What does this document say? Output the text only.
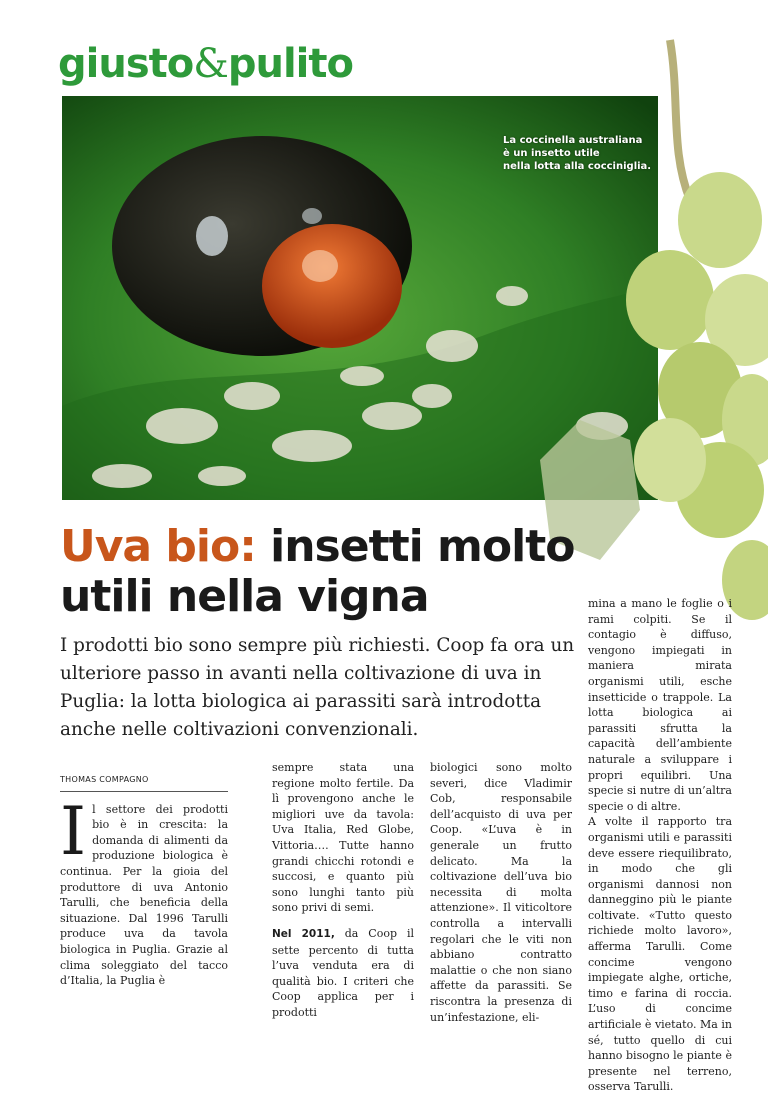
giusto&pulito
La coccinella australiana
è un insetto utile
nella lotta alla cocciniglia.
Uva bio: insetti molto utili nella vigna
I prodotti bio sono sempre più richiesti. Coop fa ora un ulteriore passo in avanti nella coltivazione di uva in Puglia: la lotta biologica ai parassiti sarà introdotta anche nelle coltivazioni convenzionali.
THOMAS COMPAGNO

Il settore dei prodotti bio è in crescita: la domanda di alimenti da produzione biologica è continua. Per la gioia del produttore di uva Antonio Tarulli, che beneficia della situazione. Dal 1996 Tarulli produce uva da tavola biologica in Puglia. Grazie al clima soleggiato del tacco d’Italia, la Puglia è

sempre stata una regione molto fertile. Da lì provengono anche le migliori uve da tavola: Uva Italia, Red Globe, Vittoria…. Tutte hanno grandi chicchi rotondi e succosi, e quanto più sono lunghi tanto più sono privi di semi.

Nel 2011, da Coop il sette percento di tutta l’uva venduta era di qualità bio. I criteri che Coop applica per i prodotti

biologici sono molto severi, dice Vladimir Cob, responsabile dell’acquisto di uva per Coop. «L’uva è in generale un frutto delicato. Ma la coltivazione dell’uva bio necessita di molta attenzione». Il viticoltore controlla a intervalli regolari che le viti non abbiano contratto malattie o che non siano affette da parassiti. Se riscontra la presenza di un’infestazione, eli-

mina a mano le foglie o i rami colpiti. Se il contagio è diffuso, vengono impiegati in maniera mirata organismi utili, esche insetticide o trappole. La lotta biologica ai parassiti sfrutta la capacità dell’ambiente naturale a sviluppare i propri equilibri. Una specie si nutre di un’altra specie o di altre.

A volte il rapporto tra organismi utili e parassiti deve essere riequilibrato, in modo che gli organismi dannosi non danneggino più le piante coltivate. «Tutto questo richiede molto lavoro», afferma Tarulli. Come concime vengono impiegate alghe, ortiche, timo e farina di roccia. L’uso di concime artificiale è vietato. Ma in sé, tutto quello di cui hanno bisogno le piante è presente nel terreno, osserva Tarulli.
